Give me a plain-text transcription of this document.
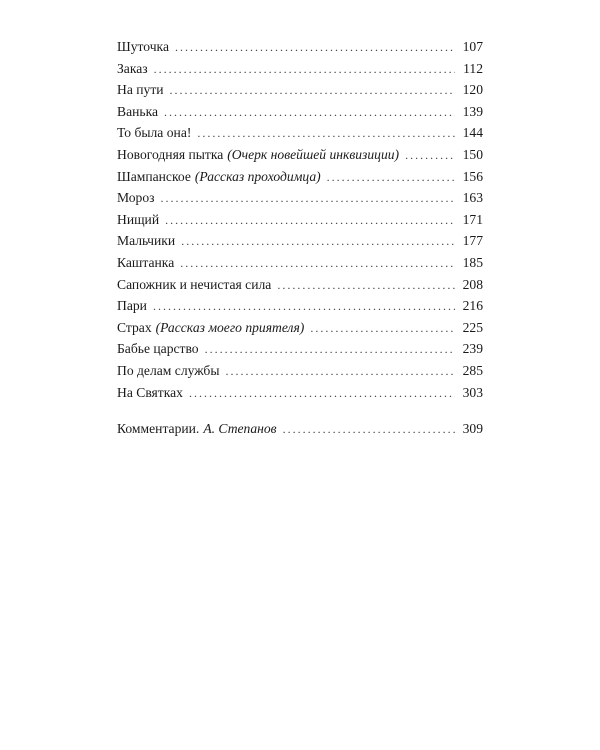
Шуточка . . .	107
Заказ . . .	112
На пути . . .	120
Ванька . . .	139
То была она! . . .	144
Новогодняя пытка (Очерк новейшей инквизиции) . . .	150
Шампанское (Рассказ проходимца) . . .	156
Мороз . . .	163
Нищий . . .	171
Мальчики . . .	177
Каштанка . . .	185
Сапожник и нечистая сила . . .	208
Пари . . .	216
Страх (Рассказ моего приятеля) . . .	225
Бабье царство . . .	239
По делам службы . . .	285
На Святках . . .	303
Комментарии. А. Степанов . . .	309
